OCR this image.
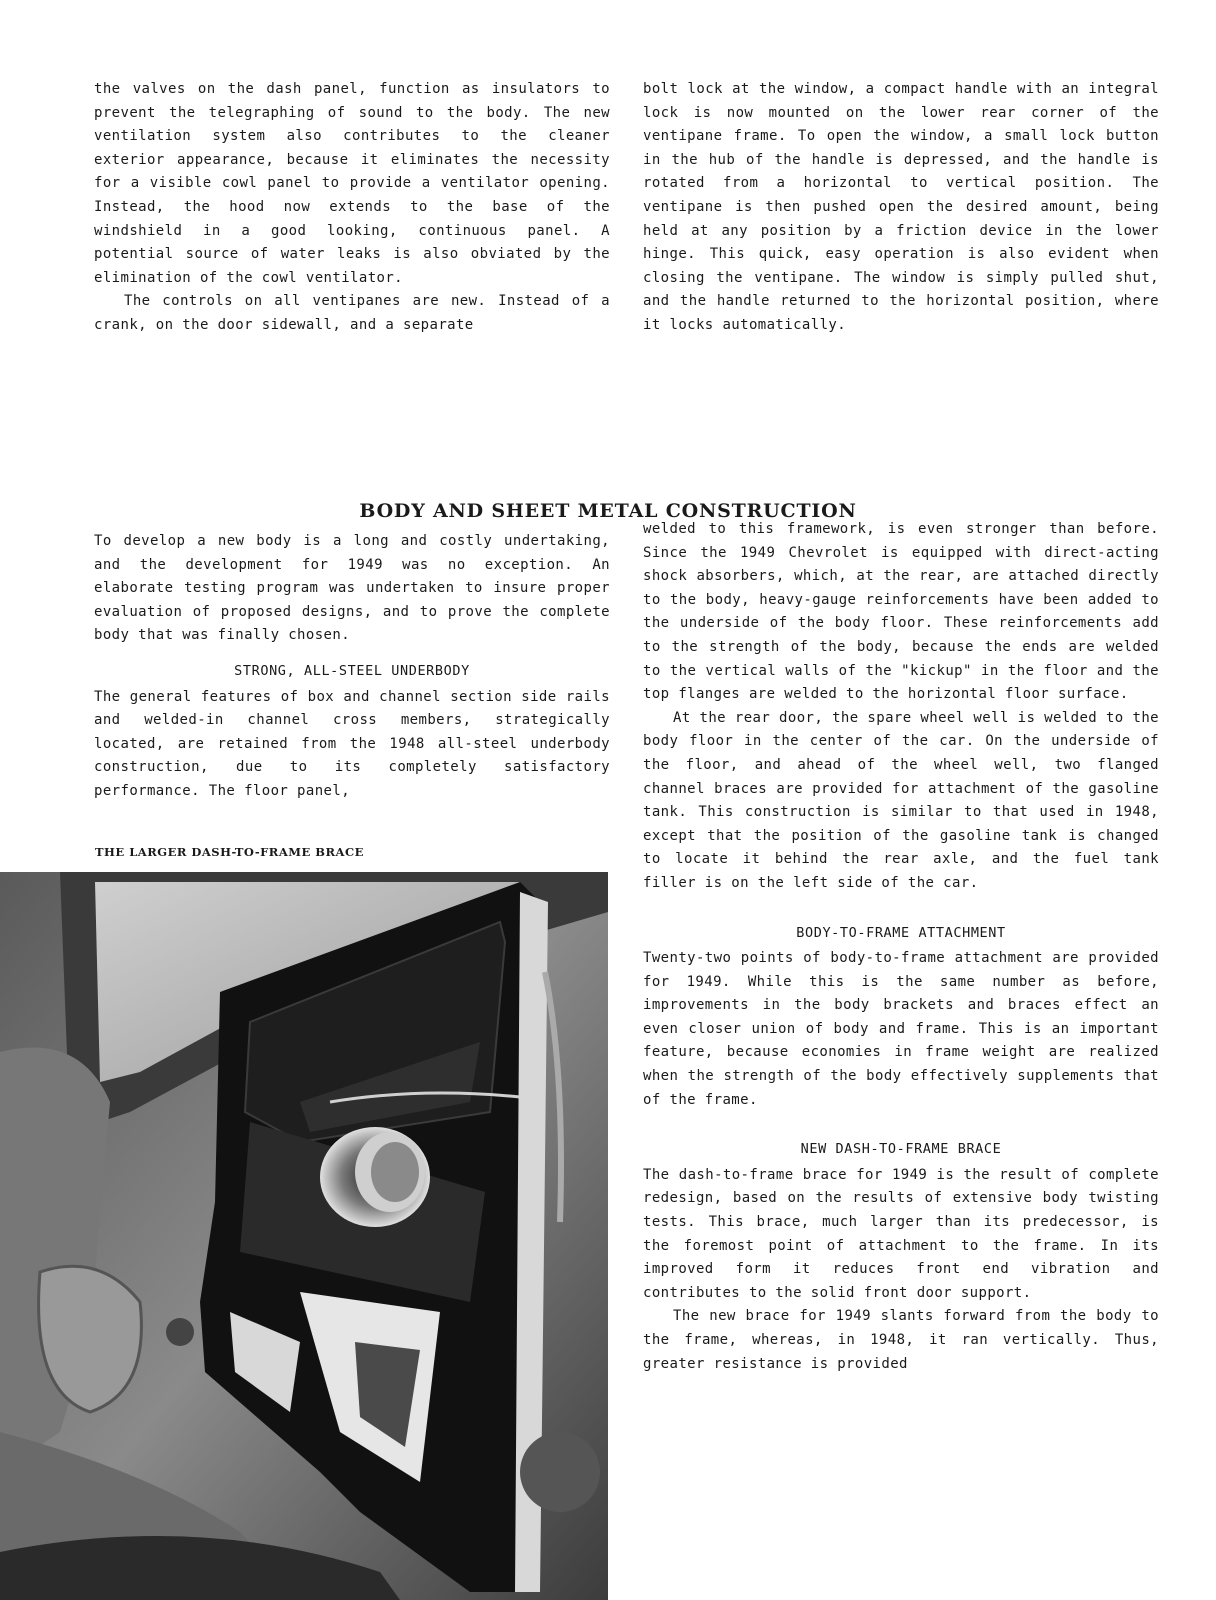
the valves on the dash panel, function as insulators to prevent the telegraphing of sound to the body. The new ventilation system also contributes to the cleaner exterior appearance, because it eliminates the necessity for a visible cowl panel to provide a ventilator opening. Instead, the hood now extends to the base of the windshield in a good looking, continuous panel. A potential source of water leaks is also obviated by the elimination of the cowl ventilator.

The controls on all ventipanes are new. Instead of a crank, on the door sidewall, and a separate

bolt lock at the window, a compact handle with an integral lock is now mounted on the lower rear corner of the ventipane frame. To open the window, a small lock button in the hub of the handle is depressed, and the handle is rotated from a horizontal to vertical position. The ventipane is then pushed open the desired amount, being held at any position by a friction device in the lower hinge. This quick, easy operation is also evident when closing the ventipane. The window is simply pulled shut, and the handle returned to the horizontal position, where it locks automatically.

BODY AND SHEET METAL CONSTRUCTION

To develop a new body is a long and costly undertaking, and the development for 1949 was no exception. An elaborate testing program was undertaken to insure proper evaluation of proposed designs, and to prove the complete body that was finally chosen.

STRONG, ALL-STEEL UNDERBODY

The general features of box and channel section side rails and welded-in channel cross members, strategically located, are retained from the 1948 all-steel underbody construction, due to its completely satisfactory performance. The floor panel,

THE LARGER DASH-TO-FRAME BRACE

welded to this framework, is even stronger than before. Since the 1949 Chevrolet is equipped with direct-acting shock absorbers, which, at the rear, are attached directly to the body, heavy-gauge reinforcements have been added to the underside of the body floor. These reinforcements add to the strength of the body, because the ends are welded to the vertical walls of the "kickup" in the floor and the top flanges are welded to the horizontal floor surface.

At the rear door, the spare wheel well is welded to the body floor in the center of the car. On the underside of the floor, and ahead of the wheel well, two flanged channel braces are provided for attachment of the gasoline tank. This construction is similar to that used in 1948, except that the position of the gasoline tank is changed to locate it behind the rear axle, and the fuel tank filler is on the left side of the car.

BODY-TO-FRAME ATTACHMENT

Twenty-two points of body-to-frame attachment are provided for 1949. While this is the same number as before, improvements in the body brackets and braces effect an even closer union of body and frame. This is an important feature, because economies in frame weight are realized when the strength of the body effectively supplements that of the frame.

NEW DASH-TO-FRAME BRACE

The dash-to-frame brace for 1949 is the result of complete redesign, based on the results of extensive body twisting tests. This brace, much larger than its predecessor, is the foremost point of attachment to the frame. In its improved form it reduces front end vibration and contributes to the solid front door support.

The new brace for 1949 slants forward from the body to the frame, whereas, in 1948, it ran vertically. Thus, greater resistance is provided
